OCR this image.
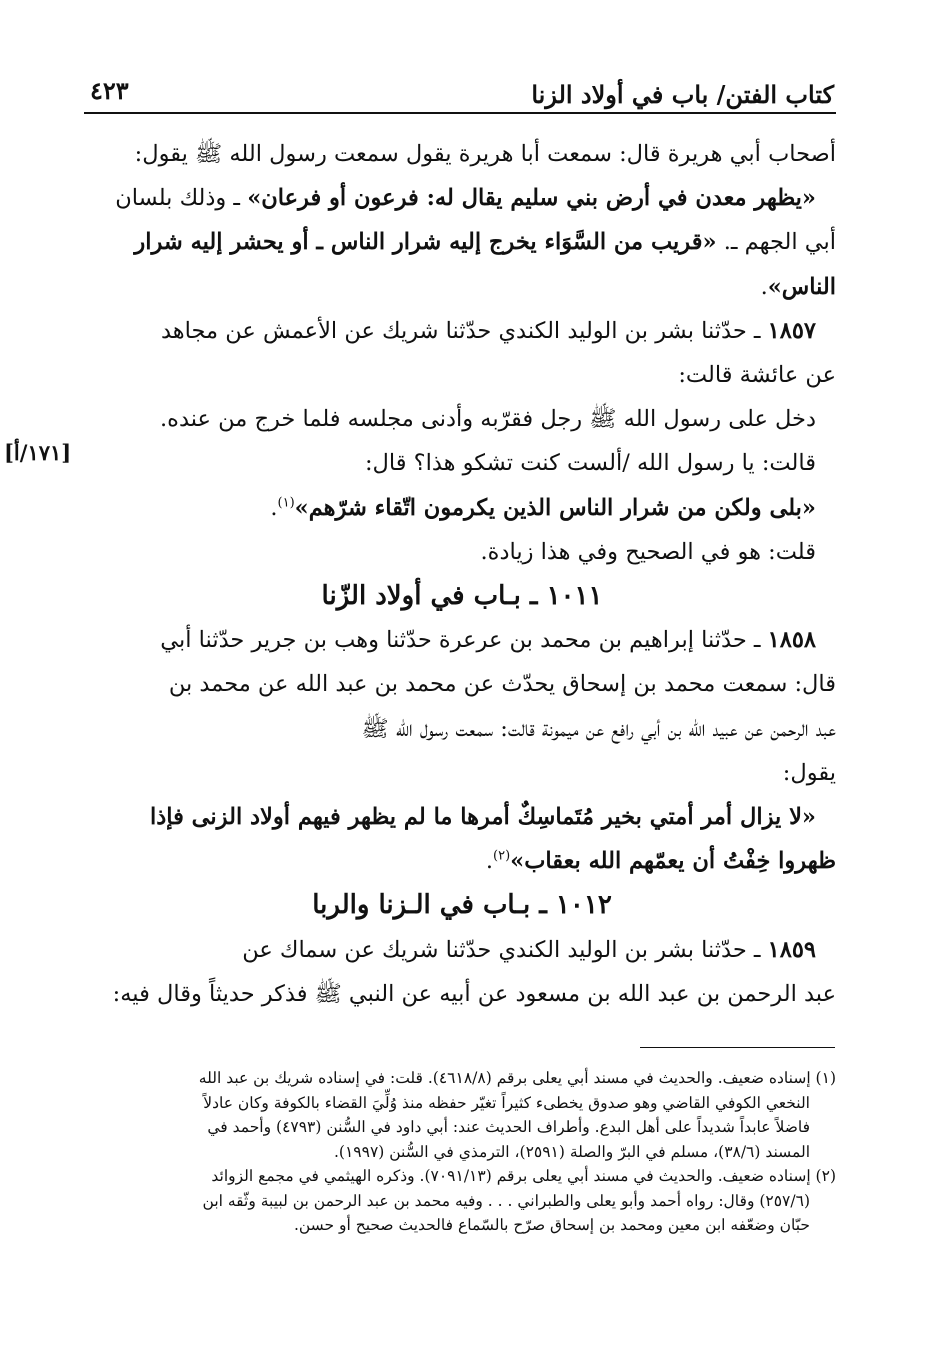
كتاب الفتن/ باب في أولاد الزنا
٤٢٣
[١٧١/أ]

أصحاب أبي هريرة قال: سمعت أبا هريرة يقول سمعت رسول الله ﷺ يقول:

«يظهر معدن في أرض بني سليم يقال له: فرعون أو فرعان» ـ وذلك بلسان

أبي الجهم ـ. «قريب من السَّوَاء يخرج إليه شرار الناس ـ أو يحشر إليه شرار

الناس».

١٨٥٧ ـ حدّثنا بشر بن الوليد الكندي حدّثنا شريك عن الأعمش عن مجاهد

عن عائشة قالت:

دخل على رسول الله ﷺ رجل فقرّبه وأدنى مجلسه فلما خرج من عنده.

قالت: يا رسول الله /ألست كنت تشكو هذا؟ قال:

«بلى ولكن من شرار الناس الذين يكرمون اتّقاء شرّهم»$^{(١)}$.

قلت: هو في الصحيح وفي هذا زيادة.

١٠١١ ـ بـاب في أولاد الزّنا

١٨٥٨ ـ حدّثنا إبراهيم بن محمد بن عرعرة حدّثنا وهب بن جرير حدّثنا أبي

قال: سمعت محمد بن إسحاق يحدّث عن محمد بن عبد الله عن محمد بن

عبد الرحمن عن عبيد الله بن أبي رافع عن ميمونة قالت: سمعت رسول الله ﷺ

يقول:

«لا يزال أمر أمتي بخير مُتَماسِكٌ أمرها ما لم يظهر فيهم أولاد الزنى فإذا

ظهروا خِفْتُ أن يعمّهم الله بعقاب»$^{(٢)}$.

١٠١٢ ـ بـاب في الـزنا والربا

١٨٥٩ ـ حدّثنا بشر بن الوليد الكندي حدّثنا شريك عن سماك عن

عبد الرحمن بن عبد الله بن مسعود عن أبيه عن النبي ﷺ فذكر حديثاً وقال فيه:

(١) إسناده ضعيف. والحديث في مسند أبي يعلى برقم (٤٦١٨/٨). قلت: في إسناده شريك بن عبد الله

النخعي الكوفي القاضي وهو صدوق يخطىء كثيراً تغيّر حفظه منذ وُلِّيَ القضاء بالكوفة وكان عادلاً

فاضلاً عابداً شديداً على أهل البدع. وأطراف الحديث عند: أبي داود في السُّنن (٤٧٩٣) وأحمد في

المسند (٣٨/٦)، مسلم في البرّ والصلة (٢٥٩١)، الترمذي في السُّنن (١٩٩٧).

(٢) إسناده ضعيف. والحديث في مسند أبي يعلى برقم (٧٠٩١/١٣). وذكره الهيثمي في مجمع الزوائد

(٢٥٧/٦) وقال: رواه أحمد وأبو يعلى والطبراني . . . وفيه محمد بن عبد الرحمن بن لبيبة وثّقه ابن

حبّان وضعّفه ابن معين ومحمد بن إسحاق صرّح بالسّماع فالحديث صحيح أو حسن.
